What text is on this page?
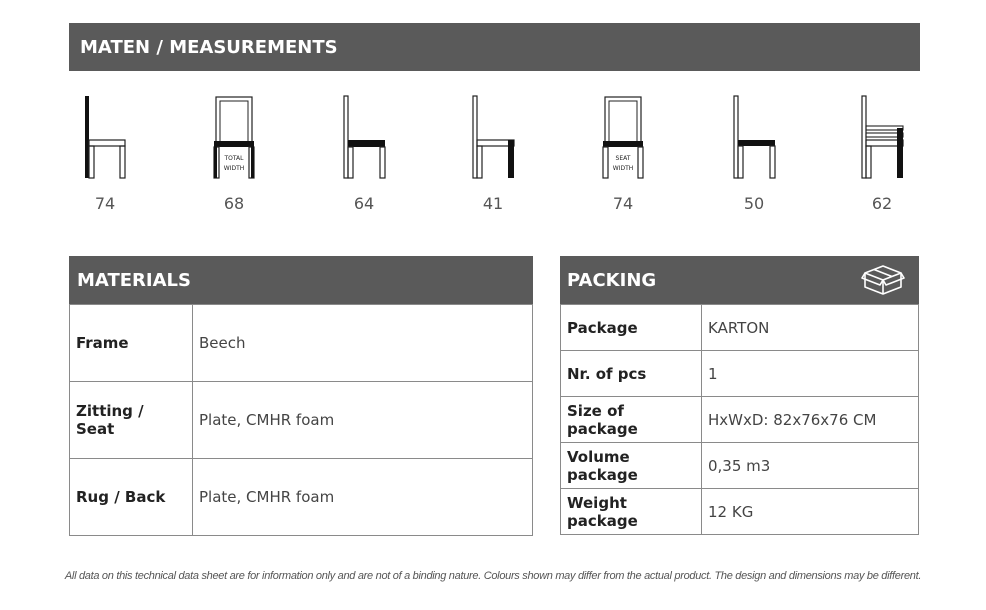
MATEN / MEASUREMENTS
74
TOTAL WIDTH
68	64	41
SEAT WIDTH
74	50	62
MATERIALS
Frame	Beech
Zitting / Seat	Plate, CMHR foam
Rug / Back	Plate, CMHR foam
PACKING
Package	KARTON
Nr. of pcs	1
Size of package	HxWxD: 82x76x76 CM
Volume package	0,35 m3
Weight package	12 KG
All data on this technical data sheet are for information only and are not of a binding nature. Colours shown may differ from the actual product. The design and dimensions may be different.
